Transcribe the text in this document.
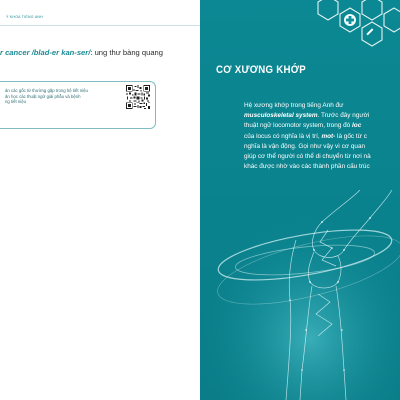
Ý KHOA TIẾNG ANH
r cancer /blad-er kan-ser/: ung thư bàng quang
ản các gốc từ thường gặp trong hệ tiết niệu
ản học các thuật ngữ giải phẫu và bệnh
ng tiết niệu
CƠ XƯƠNG KHỚP
Hệ xương khớp trong tiếng Anh đư
musculoskeletal system. Trước đây người
thuật ngữ locomotor system, trong đó loc
của locus có nghĩa là vị trí, mot- là gốc từ c
nghĩa là vận động. Gọi như vậy vì cơ quan
giúp cơ thể người có thể di chuyển từ nơi nà
khác được nhờ vào các thành phần cấu trúc
